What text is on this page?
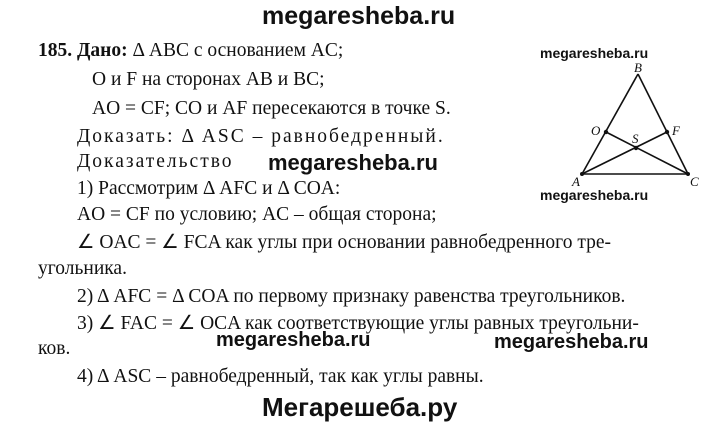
megaresheba.ru
megaresheba.ru
megaresheba.ru
megaresheba.ru
megaresheba.ru	megaresheba.ru
Мегарешеба.ру
185. Дано: Δ ABC с основанием AC;
O и F на сторонах AB и BC;
AO = CF; CO и AF пересекаются в точке S.
Доказать: Δ ASC – равнобедренный.
Доказательство
1) Рассмотрим Δ AFC и Δ COA:
AO = CF по условию; AC – общая сторона;
∠ OAC = ∠ FCA как углы при основании равнобедренного тре-
угольника.
2) Δ AFC = Δ COA по первому признаку равенства треугольников.
3) ∠ FAC = ∠ OCA как соответствующие углы равных треугольни-
ков.
4) Δ ASC – равнобедренный, так как углы равны.
B
O	F
S
A	C
